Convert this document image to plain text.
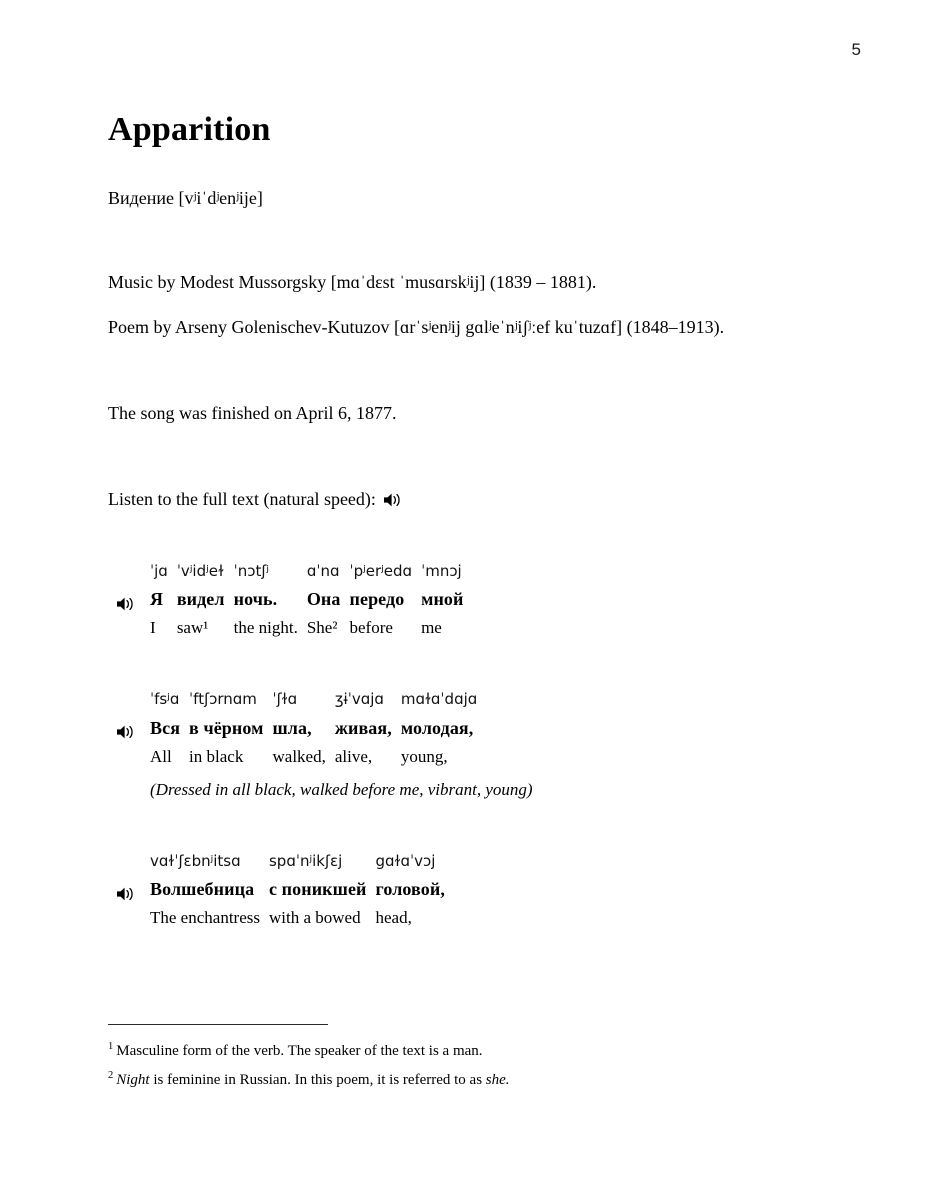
5
Apparition
Видение [vʲiˈdʲenʲije]
Music by Modest Mussorgsky [mɑˈdɛst ˈmusɑrskʲij] (1839 – 1881).
Poem by Arseny Golenischev-Kutuzov [ɑrˈsʲenʲij gɑlʲeˈnʲiʃʲːef kuˈtuzɑf] (1848–1913).
The song was finished on April 6, 1877.
Listen to the full text (natural speed):
ˈjɑ	ˈvʲidʲeɫ	ˈnɔtʃʲ	ɑˈnɑ	ˈpʲerʲedɑ	ˈmnɔj
Я	видел	ночь.	Она	передо	мной
I	saw¹	the night.	She²	before	me
ˈfsʲɑ	ˈftʃɔrnɑm	ˈʃɫɑ	ʒɨˈvɑjɑ	mɑɫɑˈdɑjɑ
Вся	в чёрном	шла,	живая,	молодая,
All	in black	walked,	alive,	young,
(Dressed in all black, walked before me, vibrant, young)
vɑɫˈʃɛbnʲitsɑ	spɑˈnʲikʃɛj	gɑɫɑˈvɔj
Волшебница	с поникшей	головой,
The enchantress	with a bowed	head,

$^1$ Masculine form of the verb. The speaker of the text is a man.

$^2$ Night is feminine in Russian. In this poem, it is referred to as she.
